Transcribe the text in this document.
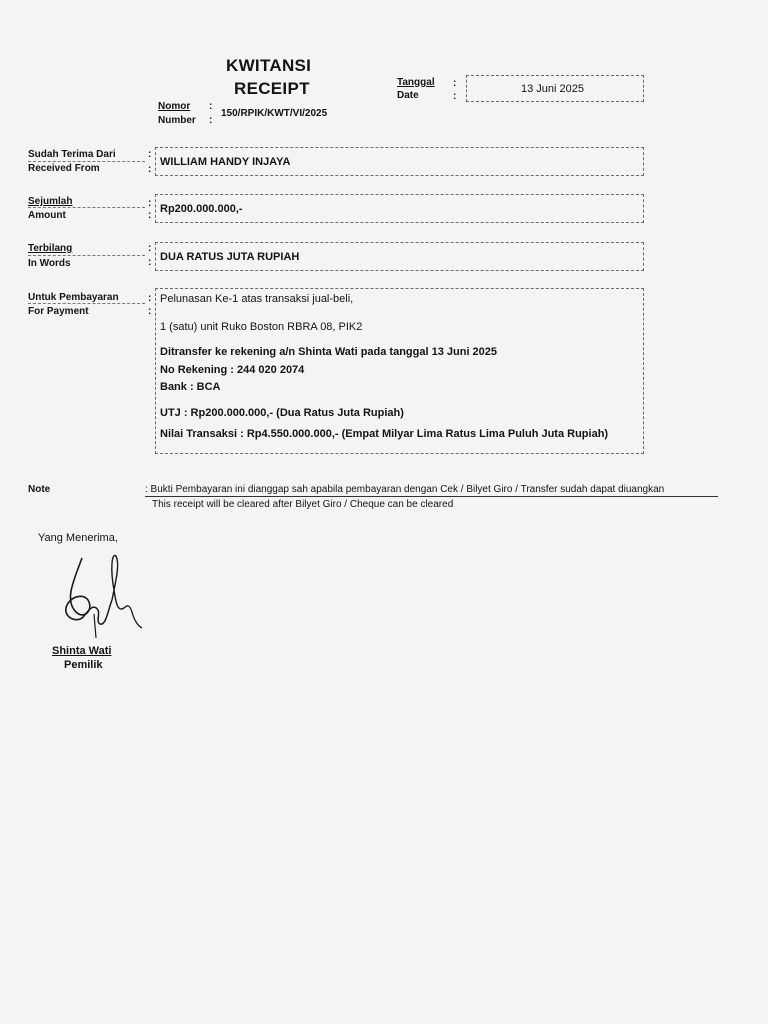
KWITANSI
RECEIPT	Tanggal
Date
:
:
13 Juni 2025
Nomor
Number
:
:
150/RPIK/KWT/VI/2025
Sudah Terima Dari
Received From
:
:
WILLIAM HANDY INJAYA
Sejumlah
Amount
:
:
Rp200.000.000,-
Terbilang
In Words
:
: DUA RATUS JUTA RUPIAH
Untuk Pembayaran
For Payment
:
:
Pelunasan Ke-1 atas transaksi jual-beli,
1 (satu) unit Ruko Boston RBRA 08, PIK2
Ditransfer ke rekening a/n Shinta Wati pada tanggal 13 Juni 2025
No Rekening : 244 020 2074
Bank : BCA
UTJ : Rp200.000.000,- (Dua Ratus Juta Rupiah)
Nilai Transaksi : Rp4.550.000.000,- (Empat Milyar Lima Ratus Lima Puluh Juta Rupiah)
Note	: Bukti Pembayaran ini dianggap sah apabila pembayaran dengan Cek / Bilyet Giro / Transfer sudah dapat diuangkan
This receipt will be cleared after Bilyet Giro / Cheque can be cleared
Yang Menerima,
Shinta Wati
Pemilik
